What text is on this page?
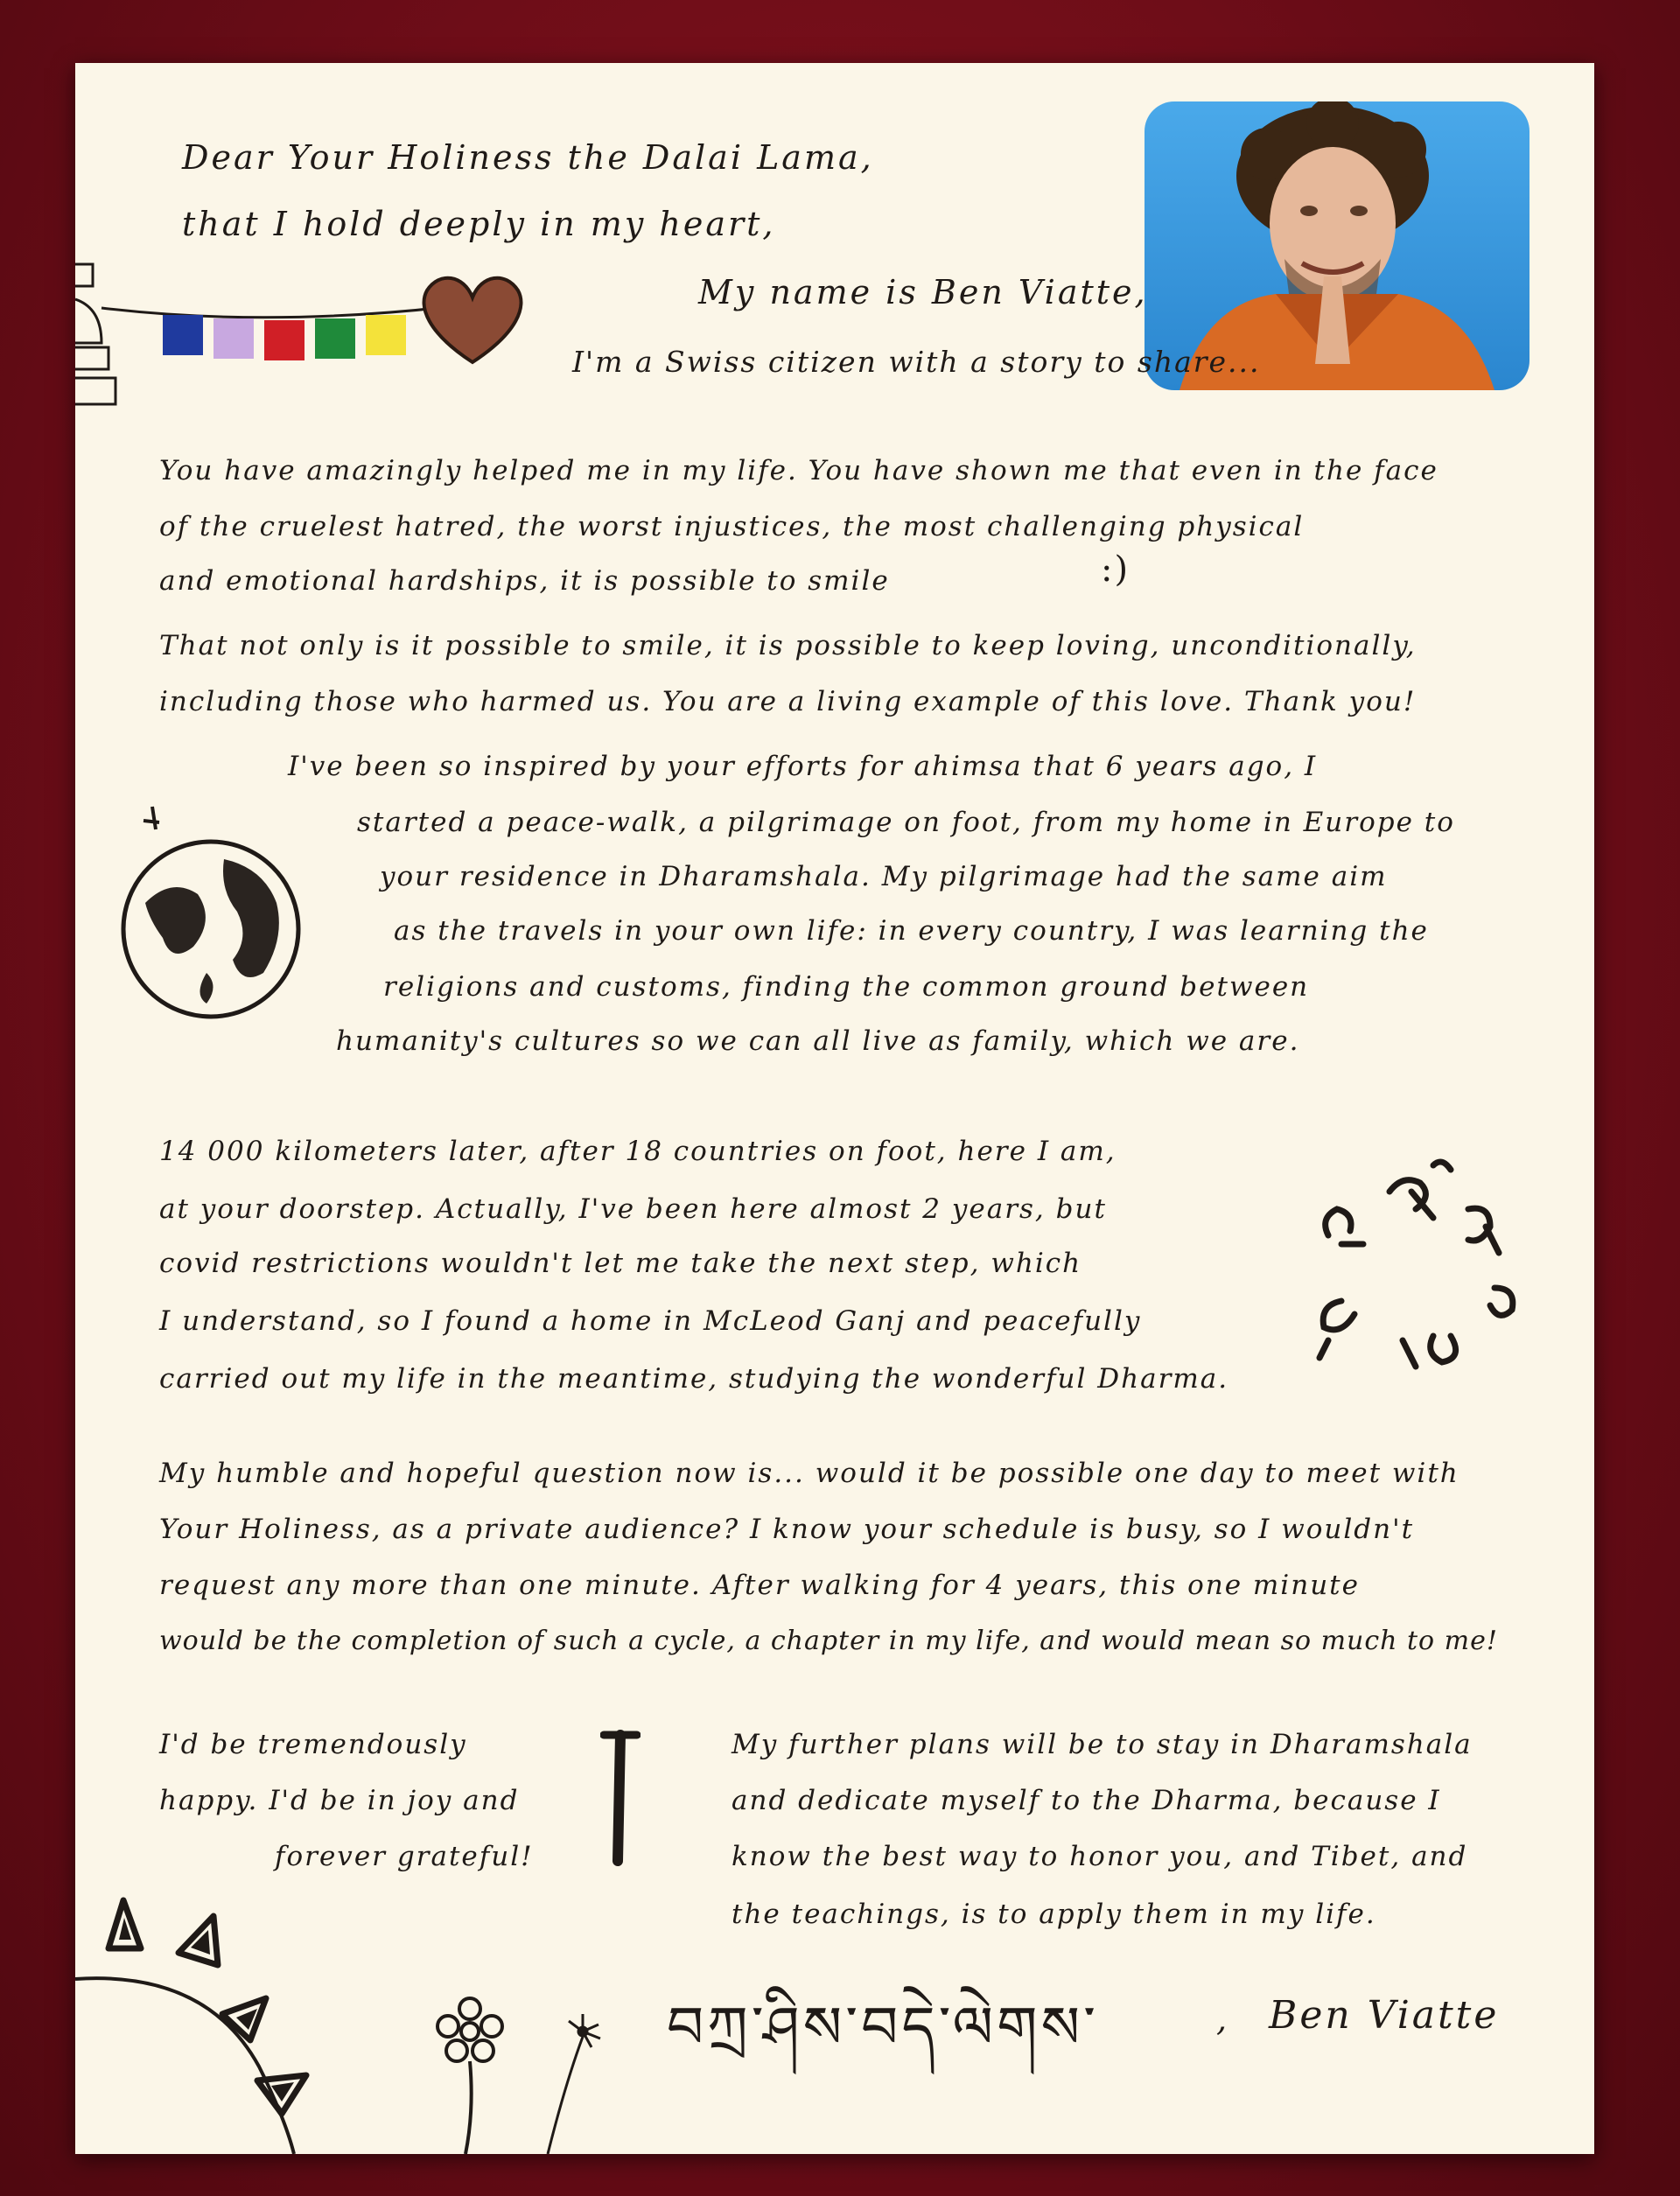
Dear Your Holiness the Dalai Lama,

that I hold deeply in my heart,

My name is Ben Viatte,

I'm a Swiss citizen with a story to share...

You have amazingly helped me in my life. You have shown me that even in the face

of the cruelest hatred, the worst injustices, the most challenging physical

and emotional hardships, it is possible to smile	:)

That not only is it possible to smile, it is possible to keep loving, unconditionally,

including those who harmed us. You are a living example of this love. Thank you!

I've been so inspired by your efforts for ahimsa that 6 years ago, I

started a peace-walk, a pilgrimage on foot, from my home in Europe to

your residence in Dharamshala. My pilgrimage had the same aim

as the travels in your own life: in every country, I was learning the

religions and customs, finding the common ground between

humanity's cultures so we can all live as family, which we are.

14 000 kilometers later, after 18 countries on foot, here I am,

at your doorstep. Actually, I've been here almost 2 years, but

covid restrictions wouldn't let me take the next step, which

I understand, so I found a home in McLeod Ganj and peacefully

carried out my life in the meantime, studying the wonderful Dharma.

My humble and hopeful question now is... would it be possible one day to meet with

Your Holiness, as a private audience? I know your schedule is busy, so I wouldn't

request any more than one minute. After walking for 4 years, this one minute

would be the completion of such a cycle, a chapter in my life, and would mean so much to me!

I'd be tremendously

happy. I'd be in joy and

forever grateful!

My further plans will be to stay in Dharamshala

and dedicate myself to the Dharma, because I

know the best way to honor you, and Tibet, and

the teachings, is to apply them in my life.

བཀྲ་ཤིས་བདེ་ལེགས་	, Ben Viatte
